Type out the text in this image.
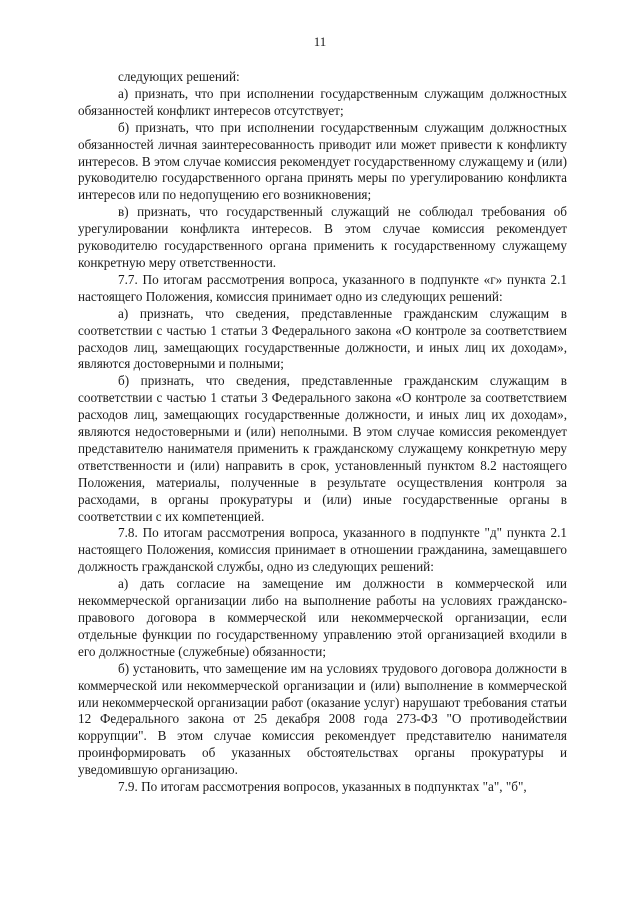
11

следующих решений:

а) признать, что при исполнении государственным служащим должностных обязанностей конфликт интересов отсутствует;

б) признать, что при исполнении государственным служащим должностных обязанностей личная заинтересованность приводит или может привести к конфликту интересов. В этом случае комиссия рекомендует государственному служащему и (или) руководителю государственного органа принять меры по урегулированию конфликта интересов или по недопущению его возникновения;

в) признать, что государственный служащий не соблюдал требования об урегулировании конфликта интересов. В этом случае комиссия рекомендует руководителю государственного органа применить к государственному служащему конкретную меру ответственности.

7.7. По итогам рассмотрения вопроса, указанного в подпункте «г» пункта 2.1 настоящего Положения, комиссия принимает одно из следующих решений:

а) признать, что сведения, представленные гражданским служащим в соответствии с частью 1 статьи 3 Федерального закона «О контроле за соответствием расходов лиц, замещающих государственные должности, и иных лиц их доходам», являются достоверными и полными;

б) признать, что сведения, представленные гражданским служащим в соответствии с частью 1 статьи 3 Федерального закона «О контроле за соответствием расходов лиц, замещающих государственные должности, и иных лиц их доходам», являются недостоверными и (или) неполными. В этом случае комиссия рекомендует представителю нанимателя применить к гражданскому служащему конкретную меру ответственности и (или) направить в срок, установленный пунктом 8.2 настоящего Положения, материалы, полученные в результате осуществления контроля за расходами, в органы прокуратуры и (или) иные государственные органы в соответствии с их компетенцией.

7.8. По итогам рассмотрения вопроса, указанного в подпункте "д" пункта 2.1 настоящего Положения, комиссия принимает в отношении гражданина, замещавшего должность гражданской службы, одно из следующих решений:

а) дать согласие на замещение им должности в коммерческой или некоммерческой организации либо на выполнение работы на условиях гражданско-правового договора в коммерческой или некоммерческой организации, если отдельные функции по государственному управлению этой организацией входили в его должностные (служебные) обязанности;

б) установить, что замещение им на условиях трудового договора должности в коммерческой или некоммерческой организации и (или) выполнение в коммерческой или некоммерческой организации работ (оказание услуг) нарушают требования статьи 12 Федерального закона от 25 декабря 2008 года 273-ФЗ "О противодействии коррупции". В этом случае комиссия рекомендует представителю нанимателя проинформировать об указанных обстоятельствах органы прокуратуры и уведомившую организацию.

7.9. По итогам рассмотрения вопросов, указанных в подпунктах "а", "б",
